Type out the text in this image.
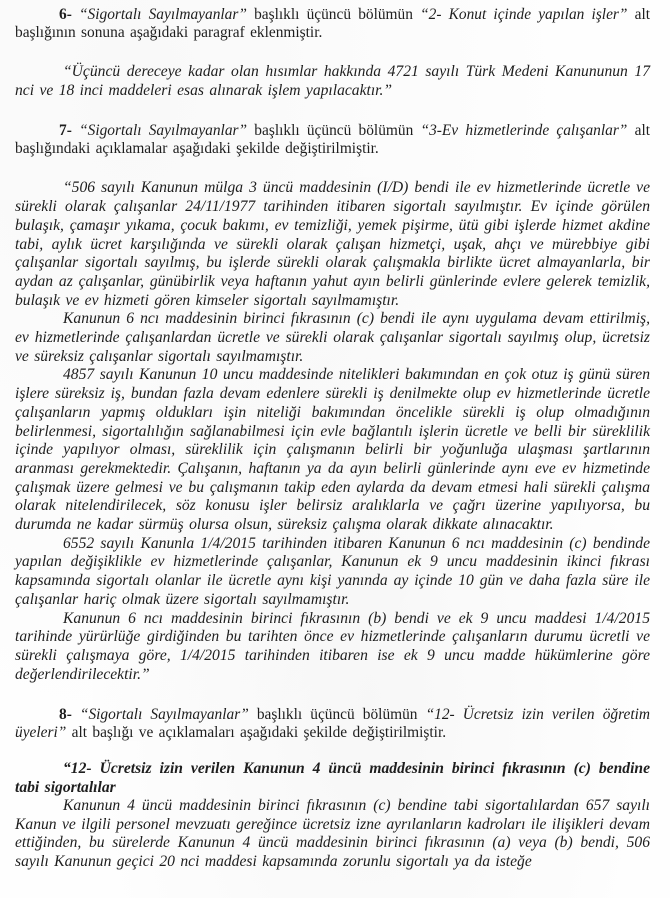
6- “Sigortalı Sayılmayanlar” başlıklı üçüncü bölümün “2- Konut içinde yapılan işler” alt başlığının sonuna aşağıdaki paragraf eklenmiştir.

“Üçüncü dereceye kadar olan hısımlar hakkında 4721 sayılı Türk Medeni Kanununun 17 nci ve 18 inci maddeleri esas alınarak işlem yapılacaktır.”

7- “Sigortalı Sayılmayanlar” başlıklı üçüncü bölümün “3-Ev hizmetlerinde çalışanlar” alt başlığındaki açıklamalar aşağıdaki şekilde değiştirilmiştir.

“506 sayılı Kanunun mülga 3 üncü maddesinin (I/D) bendi ile ev hizmetlerinde ücretle ve sürekli olarak çalışanlar 24/11/1977 tarihinden itibaren sigortalı sayılmıştır. Ev içinde görülen bulaşık, çamaşır yıkama, çocuk bakımı, ev temizliği, yemek pişirme, ütü gibi işlerde hizmet akdine tabi, aylık ücret karşılığında ve sürekli olarak çalışan hizmetçi, uşak, ahçı ve mürebbiye gibi çalışanlar sigortalı sayılmış, bu işlerde sürekli olarak çalışmakla birlikte ücret almayanlarla, bir aydan az çalışanlar, günübirlik veya haftanın yahut ayın belirli günlerinde evlere gelerek temizlik, bulaşık ve ev hizmeti gören kimseler sigortalı sayılmamıştır.

Kanunun 6 ncı maddesinin birinci fıkrasının (c) bendi ile aynı uygulama devam ettirilmiş, ev hizmetlerinde çalışanlardan ücretle ve sürekli olarak çalışanlar sigortalı sayılmış olup, ücretsiz ve süreksiz çalışanlar sigortalı sayılmamıştır.

4857 sayılı Kanunun 10 uncu maddesinde nitelikleri bakımından en çok otuz iş günü süren işlere süreksiz iş, bundan fazla devam edenlere sürekli iş denilmekte olup ev hizmetlerinde ücretle çalışanların yapmış oldukları işin niteliği bakımından öncelikle sürekli iş olup olmadığının belirlenmesi, sigortalılığın sağlanabilmesi için evle bağlantılı işlerin ücretle ve belli bir süreklilik içinde yapılıyor olması, süreklilik için çalışmanın belirli bir yoğunluğa ulaşması şartlarının aranması gerekmektedir. Çalışanın, haftanın ya da ayın belirli günlerinde aynı eve ev hizmetinde çalışmak üzere gelmesi ve bu çalışmanın takip eden aylarda da devam etmesi hali sürekli çalışma olarak nitelendirilecek, söz konusu işler belirsiz aralıklarla ve çağrı üzerine yapılıyorsa, bu durumda ne kadar sürmüş olursa olsun, süreksiz çalışma olarak dikkate alınacaktır.

6552 sayılı Kanunla 1/4/2015 tarihinden itibaren Kanunun 6 ncı maddesinin (c) bendinde yapılan değişiklikle ev hizmetlerinde çalışanlar, Kanunun ek 9 uncu maddesinin ikinci fıkrası kapsamında sigortalı olanlar ile ücretle aynı kişi yanında ay içinde 10 gün ve daha fazla süre ile çalışanlar hariç olmak üzere sigortalı sayılmamıştır.

Kanunun 6 ncı maddesinin birinci fıkrasının (b) bendi ve ek 9 uncu maddesi 1/4/2015 tarihinde yürürlüğe girdiğinden bu tarihten önce ev hizmetlerinde çalışanların durumu ücretli ve sürekli çalışmaya göre, 1/4/2015 tarihinden itibaren ise ek 9 uncu madde hükümlerine göre değerlendirilecektir.”

8- “Sigortalı Sayılmayanlar” başlıklı üçüncü bölümün “12- Ücretsiz izin verilen öğretim üyeleri” alt başlığı ve açıklamaları aşağıdaki şekilde değiştirilmiştir.

“12- Ücretsiz izin verilen Kanunun 4 üncü maddesinin birinci fıkrasının (c) bendine tabi sigortalılar

Kanunun 4 üncü maddesinin birinci fıkrasının (c) bendine tabi sigortalılardan 657 sayılı Kanun ve ilgili personel mevzuatı gereğince ücretsiz izne ayrılanların kadroları ile ilişikleri devam ettiğinden, bu sürelerde Kanunun 4 üncü maddesinin birinci fıkrasının (a) veya (b) bendi, 506 sayılı Kanunun geçici 20 nci maddesi kapsamında zorunlu sigortalı ya da isteğe
